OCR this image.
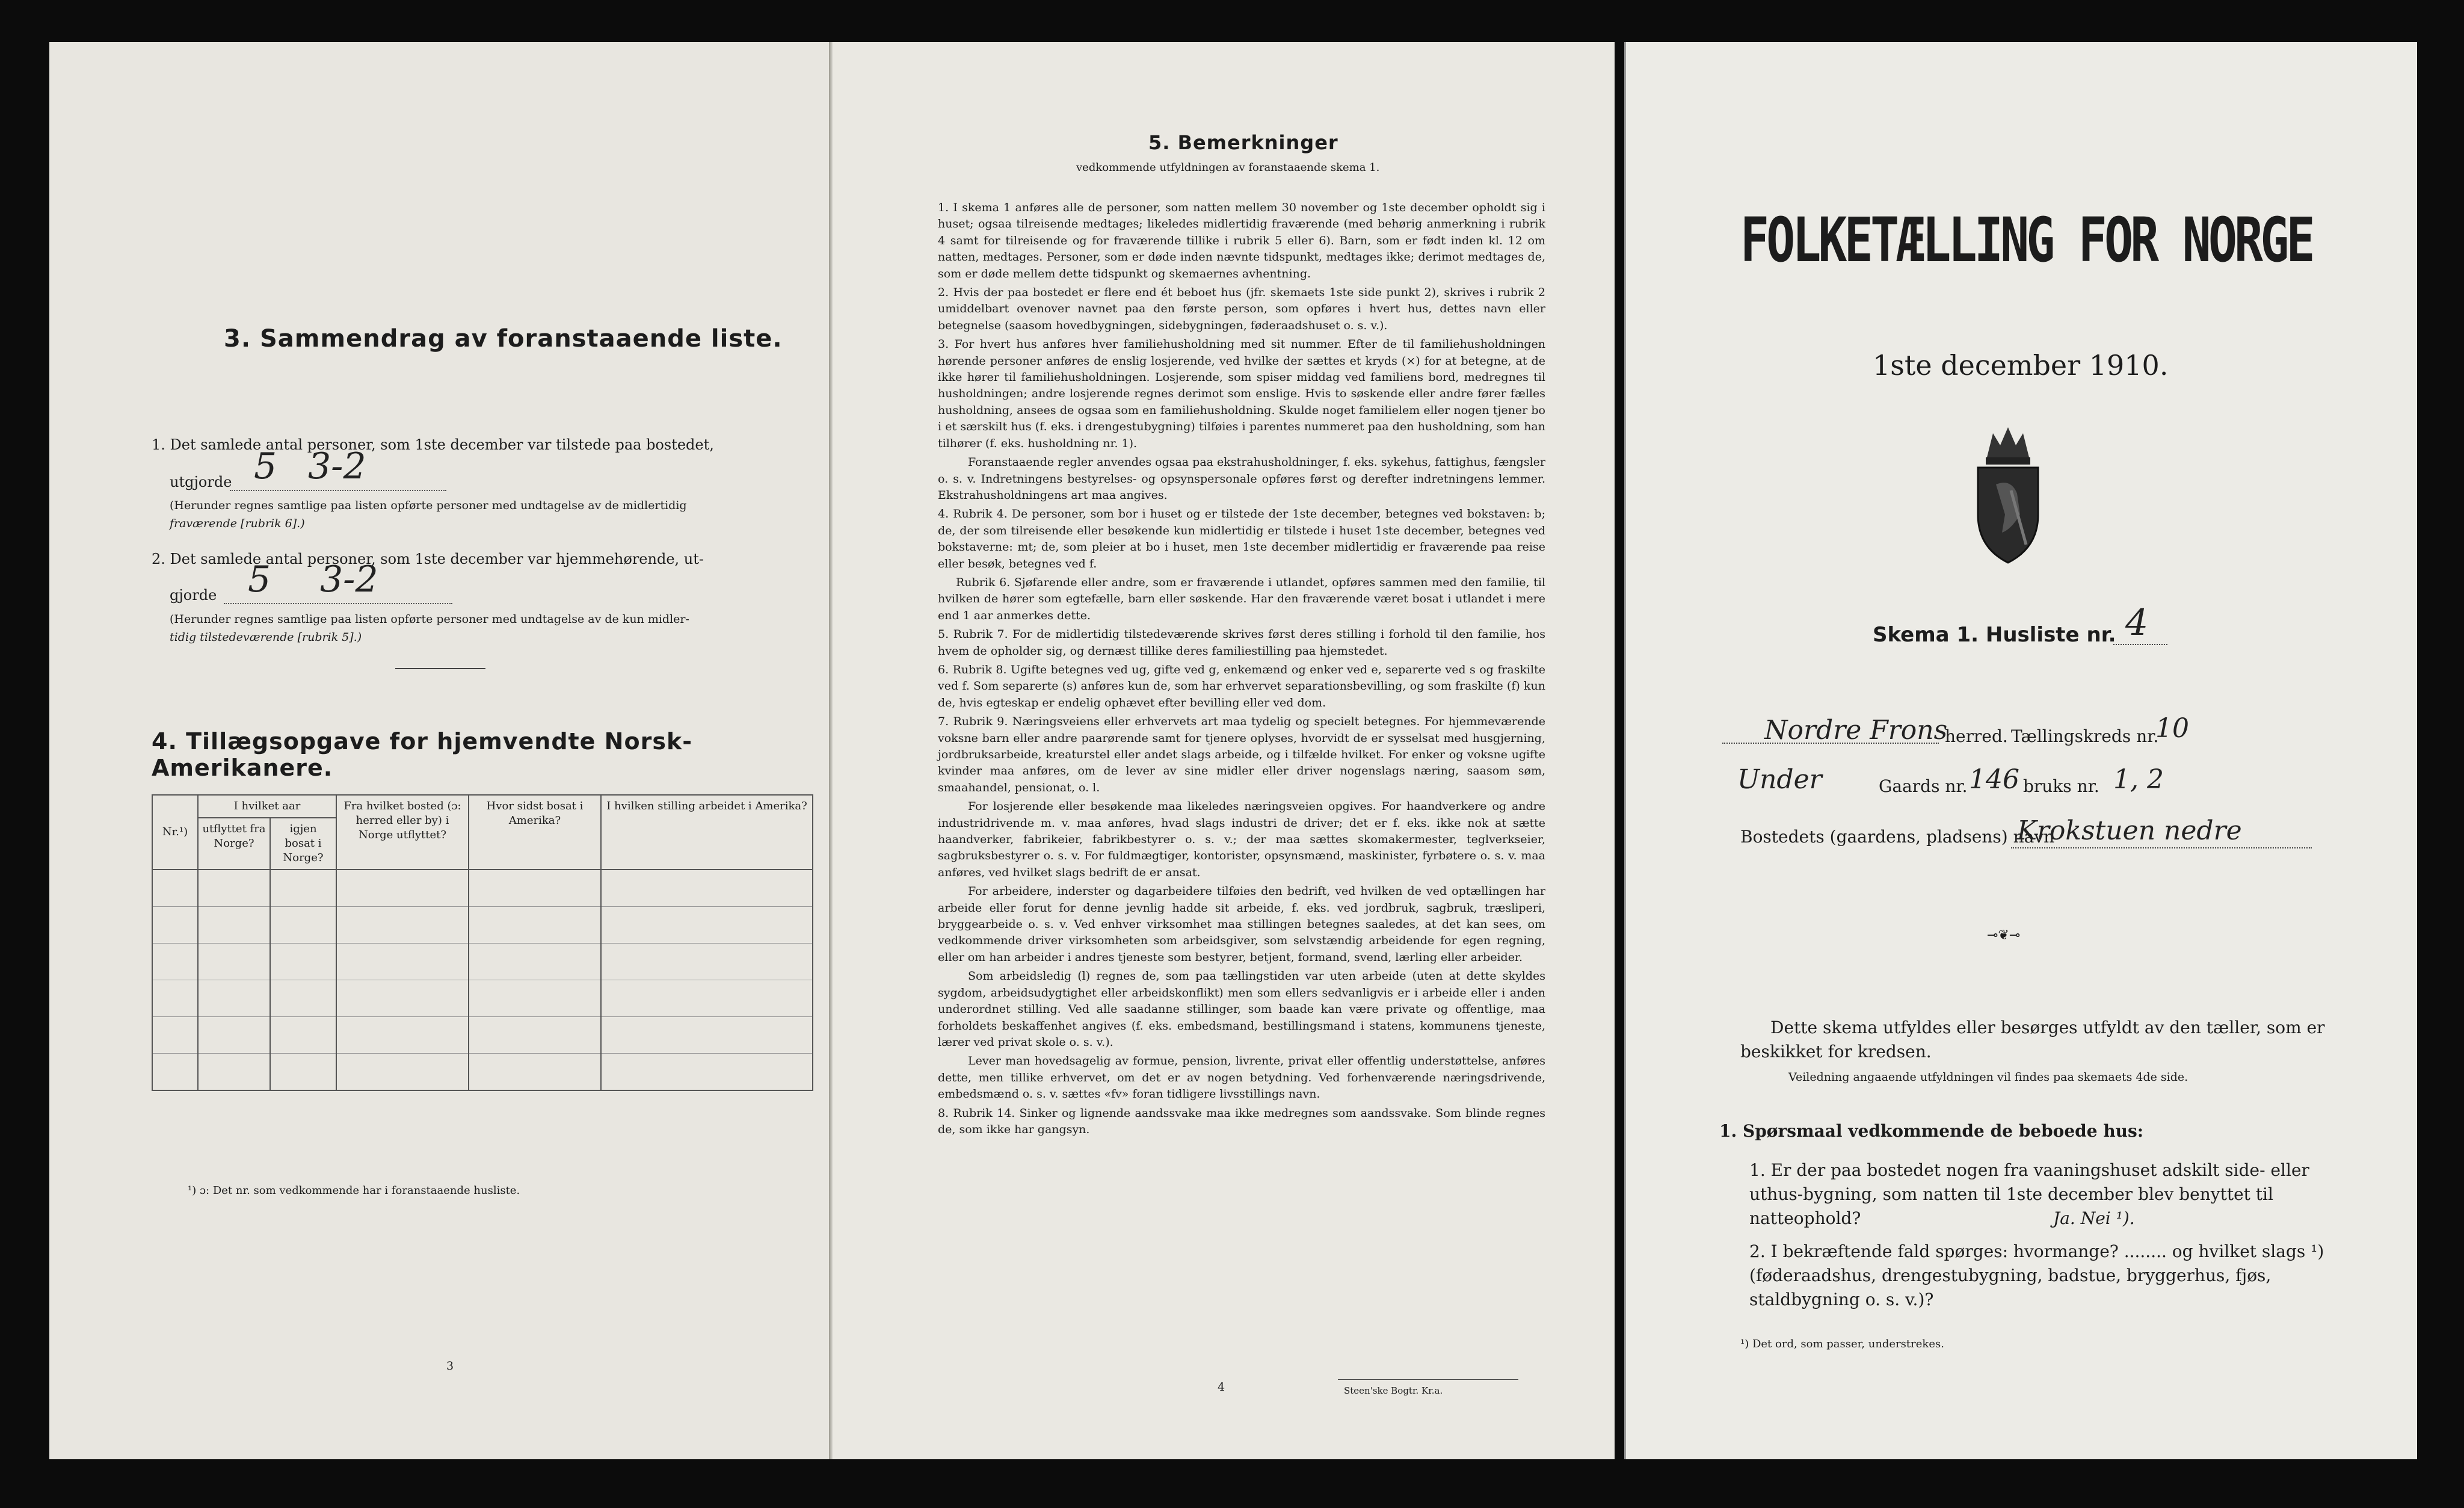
3. Sammendrag av foranstaaende liste.
1. Det samlede antal personer, som 1ste december var tilstede paa bostedet,
utgjorde 5 3-2
(Herunder regnes samtlige paa listen opførte personer med undtagelse av de midlertidig
fraværende [rubrik 6].)
2. Det samlede antal personer, som 1ste december var hjemmehørende, ut-
gjorde 5 3-2
(Herunder regnes samtlige paa listen opførte personer med undtagelse av de kun midler-
tidig tilstedeværende [rubrik 5].)
4. Tillægsopgave for hjemvendte Norsk-Amerikanere.
Nr.¹)	I hvilket aar		Fra hvilket bosted (ɔ: herred eller by) i Norge utflyttet?	Hvor sidst bosat i Amerika?	I hvilken stilling arbeidet i Amerika?
	utflyttet fra Norge?	igjen bosat i Norge?			

¹) ɔ: Det nr. som vedkommende har i foranstaaende husliste.
3
5. Bemerkninger
vedkommende utfyldningen av foranstaaende skema 1.

1. I skema 1 anføres alle de personer, som natten mellem 30 november og 1ste december opholdt sig i huset; ogsaa tilreisende medtages; likeledes midlertidig fraværende (med behørig anmerkning i rubrik 4 samt for tilreisende og for fraværende tillike i rubrik 5 eller 6). Barn, som er født inden kl. 12 om natten, medtages. Personer, som er døde inden nævnte tidspunkt, medtages ikke; derimot medtages de, som er døde mellem dette tidspunkt og skemaernes avhentning.

2. Hvis der paa bostedet er flere end ét beboet hus (jfr. skemaets 1ste side punkt 2), skrives i rubrik 2 umiddelbart ovenover navnet paa den første person, som opføres i hvert hus, dettes navn eller betegnelse (saasom hovedbygningen, sidebygningen, føderaadshuset o. s. v.).

3. For hvert hus anføres hver familiehusholdning med sit nummer. Efter de til familiehusholdningen hørende personer anføres de enslig losjerende, ved hvilke der sættes et kryds (×) for at betegne, at de ikke hører til familiehusholdningen. Losjerende, som spiser middag ved familiens bord, medregnes til husholdningen; andre losjerende regnes derimot som enslige. Hvis to søskende eller andre fører fælles husholdning, ansees de ogsaa som en familiehusholdning. Skulde noget familielem eller nogen tjener bo i et særskilt hus (f. eks. i drengestubygning) tilføies i parentes nummeret paa den husholdning, som han tilhører (f. eks. husholdning nr. 1).

Foranstaaende regler anvendes ogsaa paa ekstrahusholdninger, f. eks. sykehus, fattighus, fængsler o. s. v. Indretningens bestyrelses- og opsynspersonale opføres først og derefter indretningens lemmer. Ekstrahusholdningens art maa angives.

4. Rubrik 4. De personer, som bor i huset og er tilstede der 1ste december, betegnes ved bokstaven: b; de, der som tilreisende eller besøkende kun midlertidig er tilstede i huset 1ste december, betegnes ved bokstaverne: mt; de, som pleier at bo i huset, men 1ste december midlertidig er fraværende paa reise eller besøk, betegnes ved f.

Rubrik 6. Sjøfarende eller andre, som er fraværende i utlandet, opføres sammen med den familie, til hvilken de hører som egtefælle, barn eller søskende. Har den fraværende været bosat i utlandet i mere end 1 aar anmerkes dette.

5. Rubrik 7. For de midlertidig tilstedeværende skrives først deres stilling i forhold til den familie, hos hvem de opholder sig, og dernæst tillike deres familiestilling paa hjemstedet.

6. Rubrik 8. Ugifte betegnes ved ug, gifte ved g, enkemænd og enker ved e, separerte ved s og fraskilte ved f. Som separerte (s) anføres kun de, som har erhvervet separationsbevilling, og som fraskilte (f) kun de, hvis egteskap er endelig ophævet efter bevilling eller ved dom.

7. Rubrik 9. Næringsveiens eller erhvervets art maa tydelig og specielt betegnes. For hjemmeværende voksne barn eller andre paarørende samt for tjenere oplyses, hvorvidt de er sysselsat med husgjerning, jordbruksarbeide, kreaturstel eller andet slags arbeide, og i tilfælde hvilket. For enker og voksne ugifte kvinder maa anføres, om de lever av sine midler eller driver nogenslags næring, saasom søm, smaahandel, pensionat, o. l.

For losjerende eller besøkende maa likeledes næringsveien opgives. For haandverkere og andre industridrivende m. v. maa anføres, hvad slags industri de driver; det er f. eks. ikke nok at sætte haandverker, fabrikeier, fabrikbestyrer o. s. v.; der maa sættes skomakermester, teglverkseier, sagbruksbestyrer o. s. v. For fuldmægtiger, kontorister, opsynsmænd, maskinister, fyrbøtere o. s. v. maa anføres, ved hvilket slags bedrift de er ansat.

For arbeidere, inderster og dagarbeidere tilføies den bedrift, ved hvilken de ved optællingen har arbeide eller forut for denne jevnlig hadde sit arbeide, f. eks. ved jordbruk, sagbruk, træsliperi, bryggearbeide o. s. v. Ved enhver virksomhet maa stillingen betegnes saaledes, at det kan sees, om vedkommende driver virksomheten som arbeidsgiver, som selvstændig arbeidende for egen regning, eller om han arbeider i andres tjeneste som bestyrer, betjent, formand, svend, lærling eller arbeider.

Som arbeidsledig (l) regnes de, som paa tællingstiden var uten arbeide (uten at dette skyldes sygdom, arbeidsudygtighet eller arbeidskonflikt) men som ellers sedvanligvis er i arbeide eller i anden underordnet stilling. Ved alle saadanne stillinger, som baade kan være private og offentlige, maa forholdets beskaffenhet angives (f. eks. embedsmand, bestillingsmand i statens, kommunens tjeneste, lærer ved privat skole o. s. v.).

Lever man hovedsagelig av formue, pension, livrente, privat eller offentlig understøttelse, anføres dette, men tillike erhvervet, om det er av nogen betydning. Ved forhenværende næringsdrivende, embedsmænd o. s. v. sættes «fv» foran tidligere livsstillings navn.

8. Rubrik 14. Sinker og lignende aandssvake maa ikke medregnes som aandssvake. Som blinde regnes de, som ikke har gangsyn.

4	Steen'ske Bogtr. Kr.a.
FOLKETÆLLING FOR NORGE
1ste december 1910.
Skema 1. Husliste nr. 4
Nordre Frons
herred. Tællingskreds nr.
10
Under	Gaards nr. 146 bruks nr. 1, 2
Bostedets (gaardens, pladsens) navn
Krokstuen nedre
⊸❦⊸
Dette skema utfyldes eller besørges utfyldt av den tæller, som er beskikket for kredsen.
Veiledning angaaende utfyldningen vil findes paa skemaets 4de side.
1. Spørsmaal vedkommende de beboede hus:
1. Er der paa bostedet nogen fra vaaningshuset adskilt side- eller uthus-bygning, som natten til 1ste december blev benyttet til natteophold?	Ja. Nei ¹).
2. I bekræftende fald spørges: hvormange? ........ og hvilket slags ¹) (føderaadshus, drengestubygning, badstue, bryggerhus, fjøs, staldbygning o. s. v.)?
¹) Det ord, som passer, understrekes.
